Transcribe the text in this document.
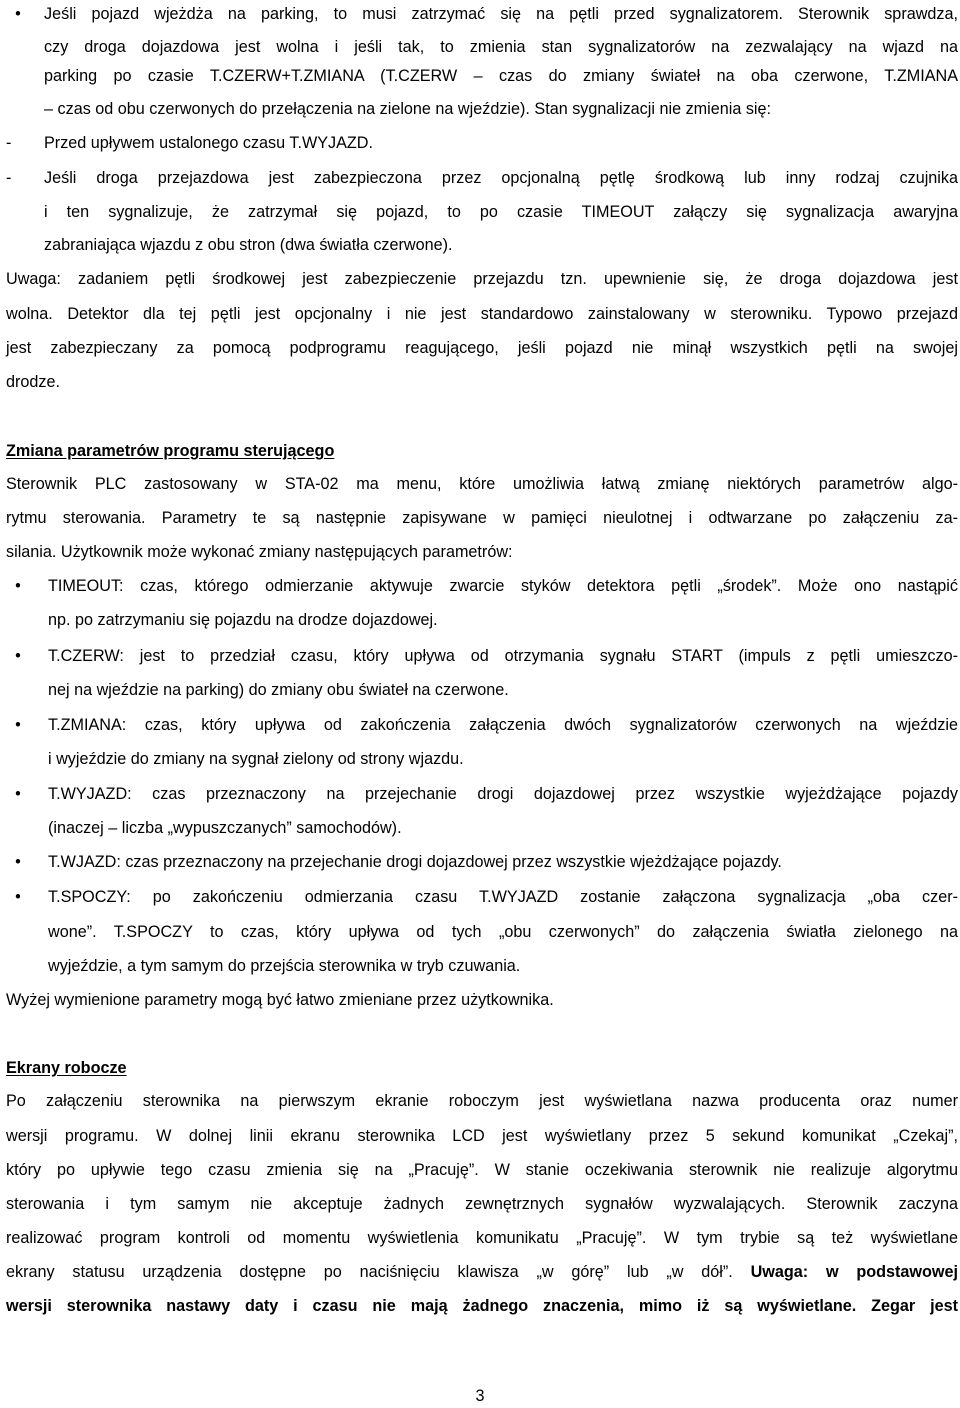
• Jeśli pojazd wjeżdża na parking, to musi zatrzymać się na pętli przed sygnalizatorem. Sterownik sprawdza,
czy droga dojazdowa jest wolna i jeśli tak, to zmienia stan sygnalizatorów na zezwalający na wjazd na
parking po czasie T.CZERW+T.ZMIANA (T.CZERW – czas do zmiany świateł na oba czerwone, T.ZMIANA
– czas od obu czerwonych do przełączenia na zielone na wjeździe). Stan sygnalizacji nie zmienia się:
-	Przed upływem ustalonego czasu T.WYJAZD.
-	Jeśli droga przejazdowa jest zabezpieczona przez opcjonalną pętlę środkową lub inny rodzaj czujnika
i ten sygnalizuje, że zatrzymał się pojazd, to po czasie TIMEOUT załączy się sygnalizacja awaryjna
zabraniająca wjazdu z obu stron (dwa światła czerwone).
Uwaga: zadaniem pętli środkowej jest zabezpieczenie przejazdu tzn. upewnienie się, że droga dojazdowa jest
wolna. Detektor dla tej pętli jest opcjonalny i nie jest standardowo zainstalowany w sterowniku. Typowo przejazd
jest zabezpieczany za pomocą podprogramu reagującego, jeśli pojazd nie minął wszystkich pętli na swojej
drodze.
Zmiana parametrów programu sterującego
Sterownik PLC zastosowany w STA-02 ma menu, które umożliwia łatwą zmianę niektórych parametrów algo-
rytmu sterowania. Parametry te są następnie zapisywane w pamięci nieulotnej i odtwarzane po załączeniu za-
silania. Użytkownik może wykonać zmiany następujących parametrów:
• TIMEOUT: czas, którego odmierzanie aktywuje zwarcie styków detektora pętli „środek”. Może ono nastąpić
np. po zatrzymaniu się pojazdu na drodze dojazdowej.
• T.CZERW: jest to przedział czasu, który upływa od otrzymania sygnału START (impuls z pętli umieszczo-
nej na wjeździe na parking) do zmiany obu świateł na czerwone.
• T.ZMIANA: czas, który upływa od zakończenia załączenia dwóch sygnalizatorów czerwonych na wjeździe
i wyjeździe do zmiany na sygnał zielony od strony wjazdu.
• T.WYJAZD: czas przeznaczony na przejechanie drogi dojazdowej przez wszystkie wyjeżdżające pojazdy
(inaczej – liczba „wypuszczanych” samochodów).
• T.WJAZD: czas przeznaczony na przejechanie drogi dojazdowej przez wszystkie wjeżdżające pojazdy.
• T.SPOCZY: po zakończeniu odmierzania czasu T.WYJAZD zostanie załączona sygnalizacja „oba czer-
wone”. T.SPOCZY to czas, który upływa od tych „obu czerwonych” do załączenia światła zielonego na
wyjeździe, a tym samym do przejścia sterownika w tryb czuwania.
Wyżej wymienione parametry mogą być łatwo zmieniane przez użytkownika.
Ekrany robocze
Po załączeniu sterownika na pierwszym ekranie roboczym jest wyświetlana nazwa producenta oraz numer
wersji programu. W dolnej linii ekranu sterownika LCD jest wyświetlany przez 5 sekund komunikat „Czekaj”,
który po upływie tego czasu zmienia się na „Pracuję”. W stanie oczekiwania sterownik nie realizuje algorytmu
sterowania i tym samym nie akceptuje żadnych zewnętrznych sygnałów wyzwalających. Sterownik zaczyna
realizować program kontroli od momentu wyświetlenia komunikatu „Pracuję”. W tym trybie są też wyświetlane
ekrany statusu urządzenia dostępne po naciśnięciu klawisza „w górę” lub „w dół”. Uwaga: w podstawowej
wersji sterownika nastawy daty i czasu nie mają żadnego znaczenia, mimo iż są wyświetlane. Zegar jest
3
